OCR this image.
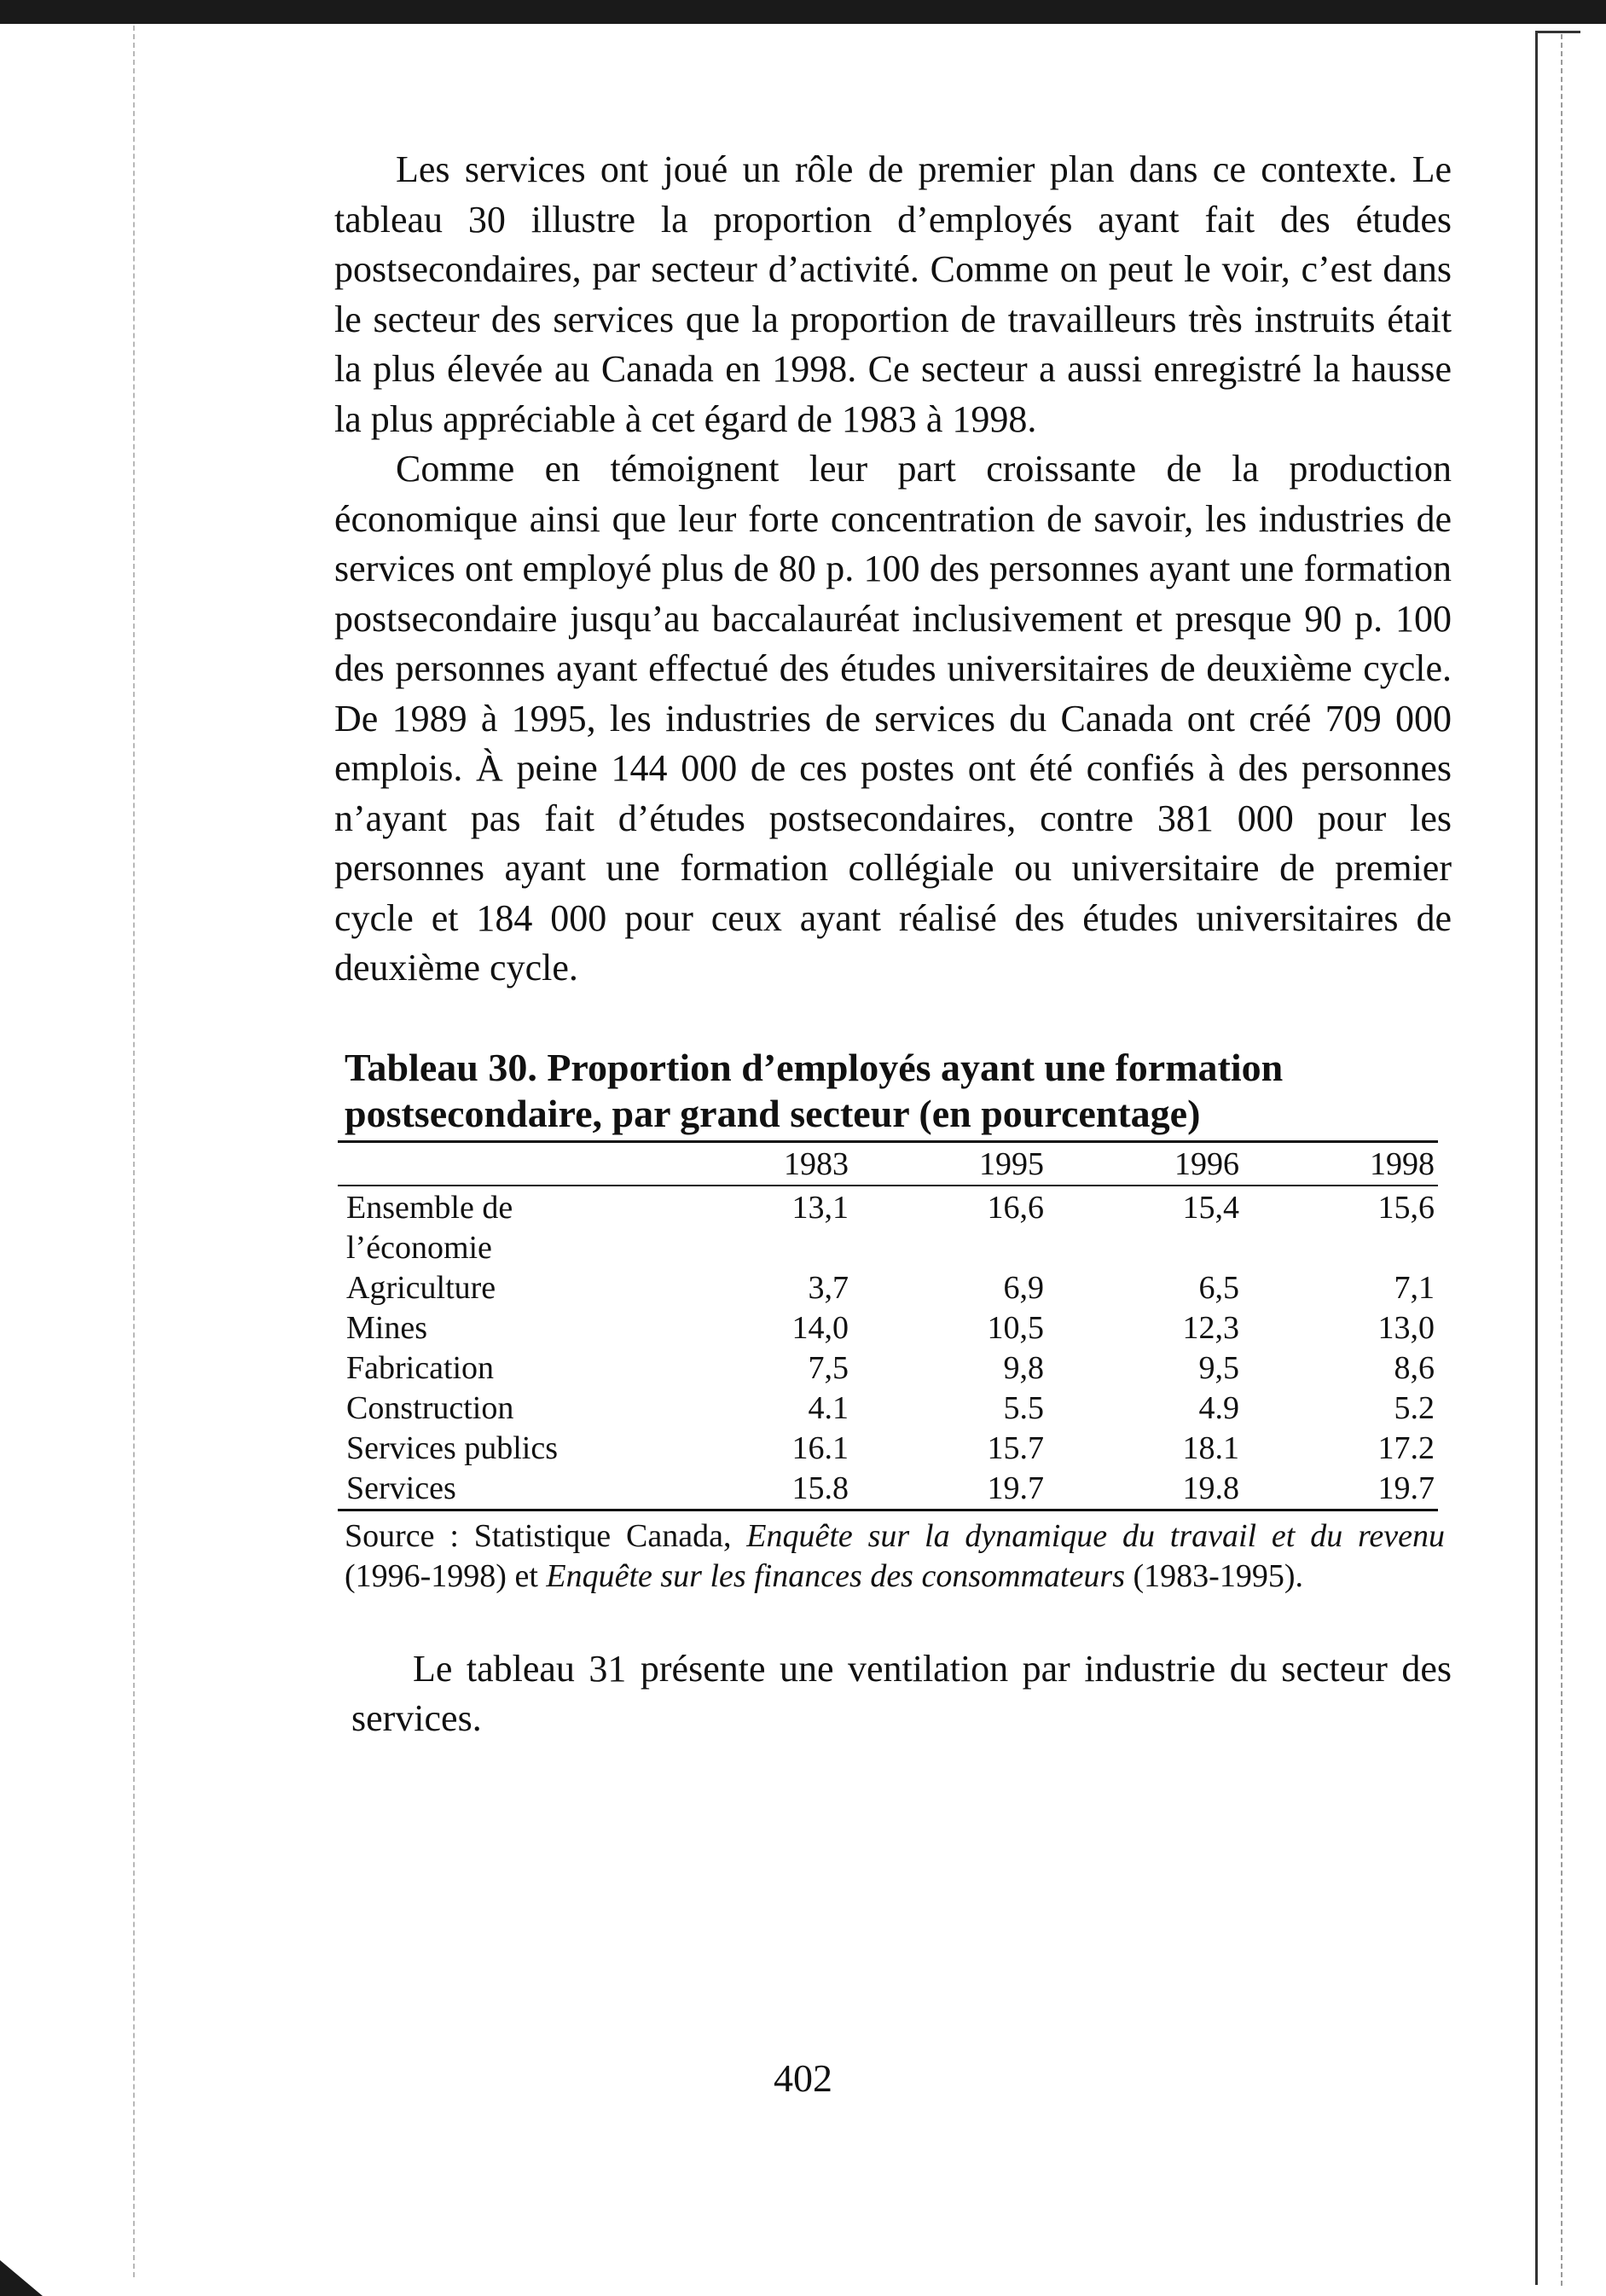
Les services ont joué un rôle de premier plan dans ce contexte. Le tableau 30 illustre la proportion d’employés ayant fait des études postsecondaires, par secteur d’activité. Comme on peut le voir, c’est dans le secteur des services que la proportion de travailleurs très instruits était la plus élevée au Canada en 1998. Ce secteur a aussi enregistré la hausse la plus appréciable à cet égard de 1983 à 1998.

Comme en témoignent leur part croissante de la production économique ainsi que leur forte concentration de savoir, les industries de services ont employé plus de 80 p. 100 des personnes ayant une formation postsecondaire jusqu’au baccalauréat inclusivement et presque 90 p. 100 des personnes ayant effectué des études universitaires de deuxième cycle. De 1989 à 1995, les industries de services du Canada ont créé 709 000 emplois. À peine 144 000 de ces postes ont été confiés à des personnes n’ayant pas fait d’études postsecondaires, contre 381 000 pour les personnes ayant une formation collégiale ou universitaire de premier cycle et 184 000 pour ceux ayant réalisé des études universitaires de deuxième cycle.

Tableau 30. Proportion d’employés ayant une formation postsecondaire, par grand secteur (en pourcentage)
	1983	1995	1996	1998
Ensemble de l’économie	13,1	16,6	15,4	15,6
Agriculture	3,7	6,9	6,5	7,1
Mines	14,0	10,5	12,3	13,0
Fabrication	7,5	9,8	9,5	8,6
Construction	4.1	5.5	4.9	5.2
Services publics	16.1	15.7	18.1	17.2
Services	15.8	19.7	19.8	19.7
Source : Statistique Canada, Enquête sur la dynamique du travail et du revenu (1996-1998) et Enquête sur les finances des consommateurs (1983-1995).

Le tableau 31 présente une ventilation par industrie du secteur des services.

402
